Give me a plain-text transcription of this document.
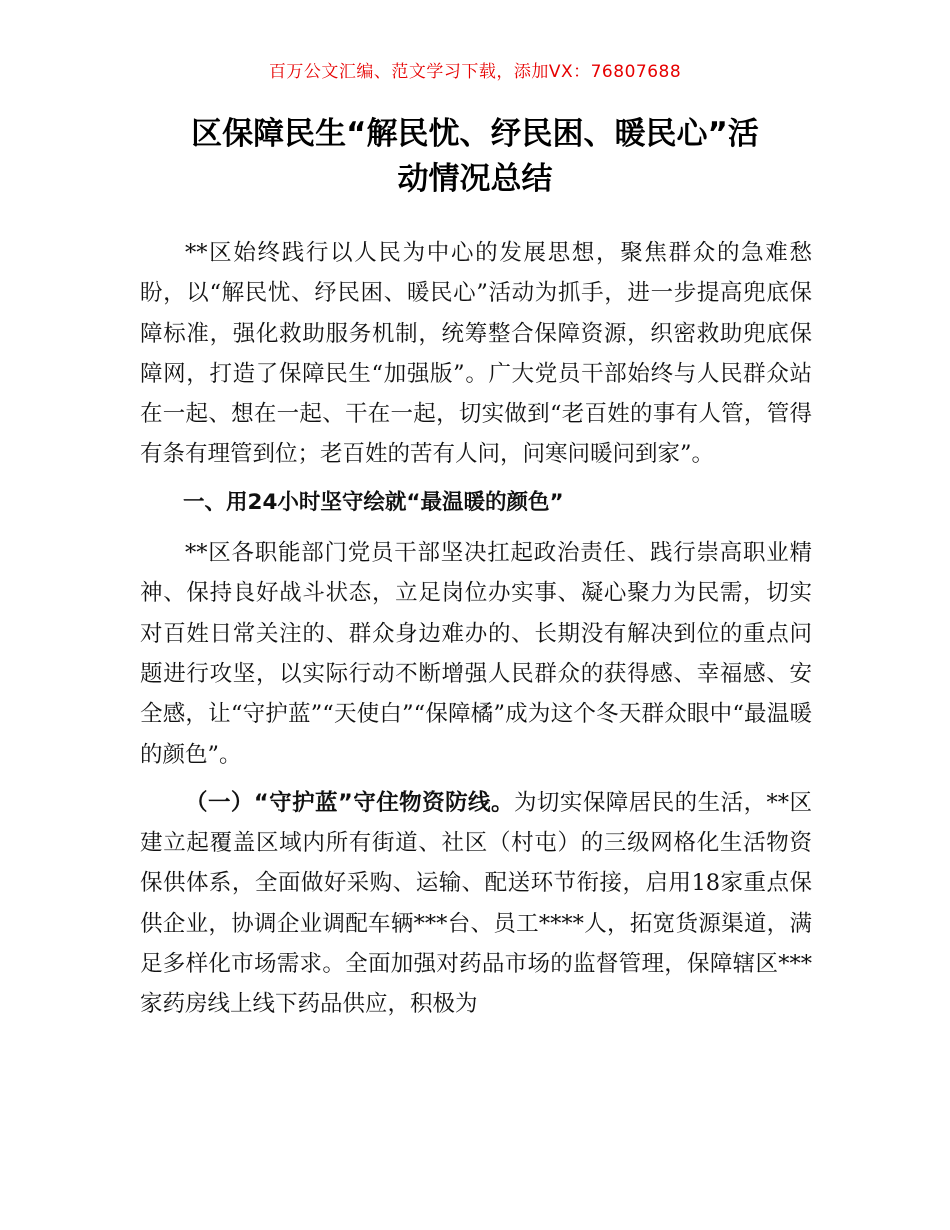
百万公文汇编、范文学习下载，添加VX：76807688
区保障民生“解民忧、纾民困、暖民心”活
动情况总结

**区始终践行以人民为中心的发展思想，聚焦群众的急难愁盼，以“解民忧、纾民困、暖民心”活动为抓手，进一步提高兜底保障标准，强化救助服务机制，统筹整合保障资源，织密救助兜底保障网，打造了保障民生“加强版”。广大党员干部始终与人民群众站在一起、想在一起、干在一起，切实做到“老百姓的事有人管，管得有条有理管到位；老百姓的苦有人问，问寒问暖问到家”。

一、用24小时坚守绘就“最温暖的颜色”

**区各职能部门党员干部坚决扛起政治责任、践行崇高职业精神、保持良好战斗状态，立足岗位办实事、凝心聚力为民需，切实对百姓日常关注的、群众身边难办的、长期没有解决到位的重点问题进行攻坚，以实际行动不断增强人民群众的获得感、幸福感、安全感，让“守护蓝”“天使白”“保障橘”成为这个冬天群众眼中“最温暖的颜色”。

（一）“守护蓝”守住物资防线。为切实保障居民的生活，**区建立起覆盖区域内所有街道、社区（村屯）的三级网格化生活物资保供体系，全面做好采购、运输、配送环节衔接，启用18家重点保供企业，协调企业调配车辆***台、员工****人，拓宽货源渠道，满足多样化市场需求。全面加强对药品市场的监督管理，保障辖区***家药房线上线下药品供应，积极为
